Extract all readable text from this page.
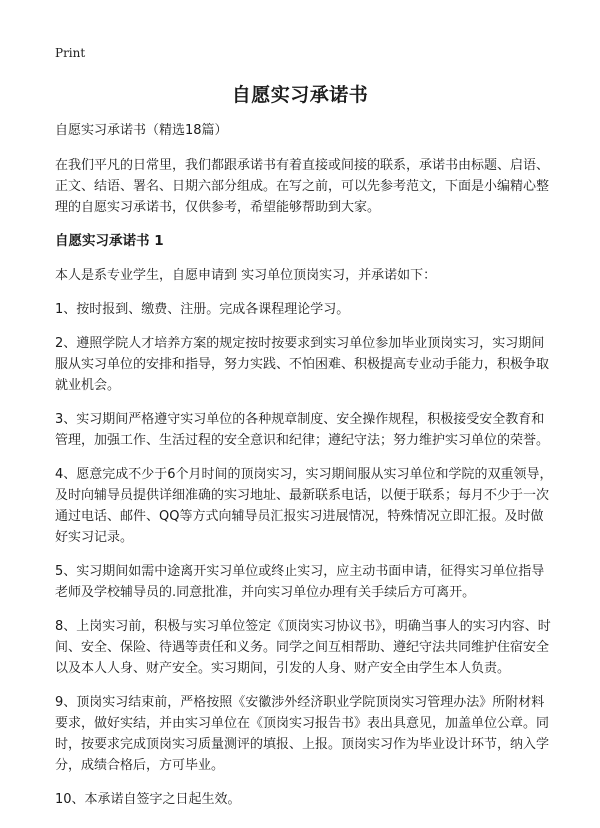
Print
自愿实习承诺书

自愿实习承诺书（精选18篇）

在我们平凡的日常里，我们都跟承诺书有着直接或间接的联系，承诺书由标题、启语、正文、结语、署名、日期六部分组成。在写之前，可以先参考范文，下面是小编精心整理的自愿实习承诺书，仅供参考，希望能够帮助到大家。

自愿实习承诺书 1

本人是系专业学生，自愿申请到 实习单位顶岗实习，并承诺如下：

1、按时报到、缴费、注册。完成各课程理论学习。

2、遵照学院人才培养方案的规定按时按要求到实习单位参加毕业顶岗实习，实习期间服从实习单位的安排和指导，努力实践、不怕困难、积极提高专业动手能力，积极争取就业机会。

3、实习期间严格遵守实习单位的各种规章制度、安全操作规程，积极接受安全教育和管理，加强工作、生活过程的安全意识和纪律；遵纪守法；努力维护实习单位的荣誉。

4、愿意完成不少于6个月时间的顶岗实习，实习期间服从实习单位和学院的双重领导，及时向辅导员提供详细准确的实习地址、最新联系电话，以便于联系；每月不少于一次通过电话、邮件、QQ等方式向辅导员汇报实习进展情况，特殊情况立即汇报。及时做好实习记录。

5、实习期间如需中途离开实习单位或终止实习，应主动书面申请，征得实习单位指导老师及学校辅导员的.同意批准，并向实习单位办理有关手续后方可离开。

8、上岗实习前，积极与实习单位签定《顶岗实习协议书》，明确当事人的实习内容、时间、安全、保险、待遇等责任和义务。同学之间互相帮助、遵纪守法共同维护住宿安全以及本人人身、财产安全。实习期间，引发的人身、财产安全由学生本人负责。

9、顶岗实习结束前，严格按照《安徽涉外经济职业学院顶岗实习管理办法》所附材料要求，做好实结，并由实习单位在《顶岗实习报告书》表出具意见，加盖单位公章。同时，按要求完成顶岗实习质量测评的填报、上报。顶岗实习作为毕业设计环节，纳入学分，成绩合格后，方可毕业。

10、本承诺自签字之日起生效。
